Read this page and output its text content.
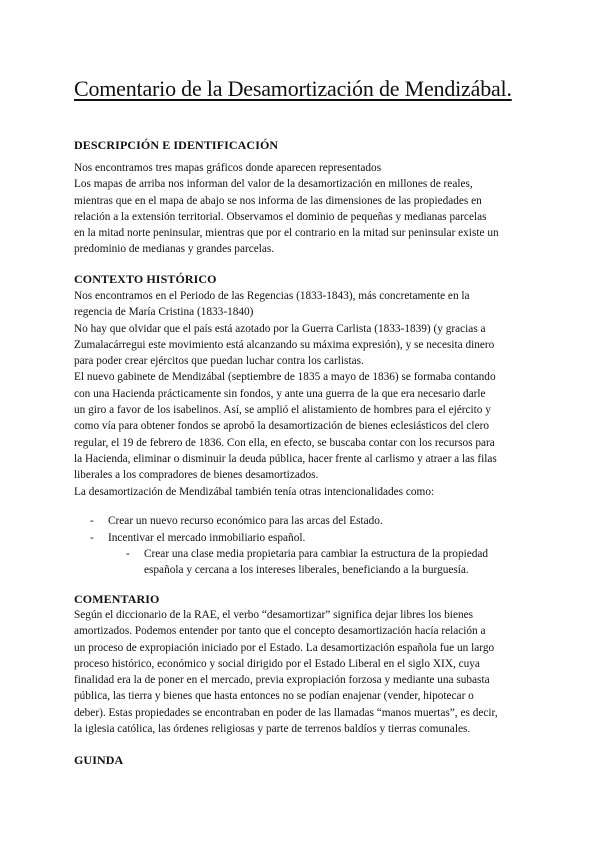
Comentario de la Desamortización de Mendizábal.
DESCRIPCIÓN E IDENTIFICACIÓN
Nos encontramos tres mapas gráficos donde aparecen representados
Los mapas de arriba nos informan del valor de la desamortización en millones de reales,
mientras que en el mapa de abajo se nos informa de las dimensiones de las propiedades en
relación a la extensión territorial. Observamos el dominio de pequeñas y medianas parcelas
en la mitad norte peninsular, mientras que por el contrario en la mitad sur peninsular existe un
predominio de medianas y grandes parcelas.
CONTEXTO HISTÓRICO
Nos encontramos en el Periodo de las Regencias (1833-1843), más concretamente en la
regencia de María Cristina (1833-1840)
No hay que olvidar que el país está azotado por la Guerra Carlista (1833-1839) (y gracias a
Zumalacárregui este movimiento está alcanzando su máxima expresión), y se necesita dinero
para poder crear ejércitos que puedan luchar contra los carlistas.
El nuevo gabinete de Mendizábal (septiembre de 1835 a mayo de 1836) se formaba contando
con una Hacienda prácticamente sin fondos, y ante una guerra de la que era necesario darle
un giro a favor de los isabelinos. Así, se amplió el alistamiento de hombres para el ejército y
como vía para obtener fondos se aprobó la desamortización de bienes eclesiásticos del clero
regular, el 19 de febrero de 1836. Con ella, en efecto, se buscaba contar con los recursos para
la Hacienda, eliminar o disminuir la deuda pública, hacer frente al carlismo y atraer a las filas
liberales a los compradores de bienes desamortizados.
La desamortización de Mendizábal también tenía otras intencionalidades como:
- Crear un nuevo recurso económico para las arcas del Estado.
- Incentivar el mercado inmobiliario español.
- Crear una clase media propietaria para cambiar la estructura de la propiedad
española y cercana a los intereses liberales, beneficiando a la burguesía.
COMENTARIO
Según el diccionario de la RAE, el verbo “desamortizar” significa dejar libres los bienes
amortizados. Podemos entender por tanto que el concepto desamortización hacía relación a
un proceso de expropiación iniciado por el Estado. La desamortización española fue un largo
proceso histórico, económico y social dirigido por el Estado Liberal en el siglo XIX, cuya
finalidad era la de poner en el mercado, previa expropiación forzosa y mediante una subasta
pública, las tierra y bienes que hasta entonces no se podían enajenar (vender, hipotecar o
deber). Estas propiedades se encontraban en poder de las llamadas “manos muertas”, es decir,
la iglesia católica, las órdenes religiosas y parte de terrenos baldíos y tierras comunales.
GUINDA
